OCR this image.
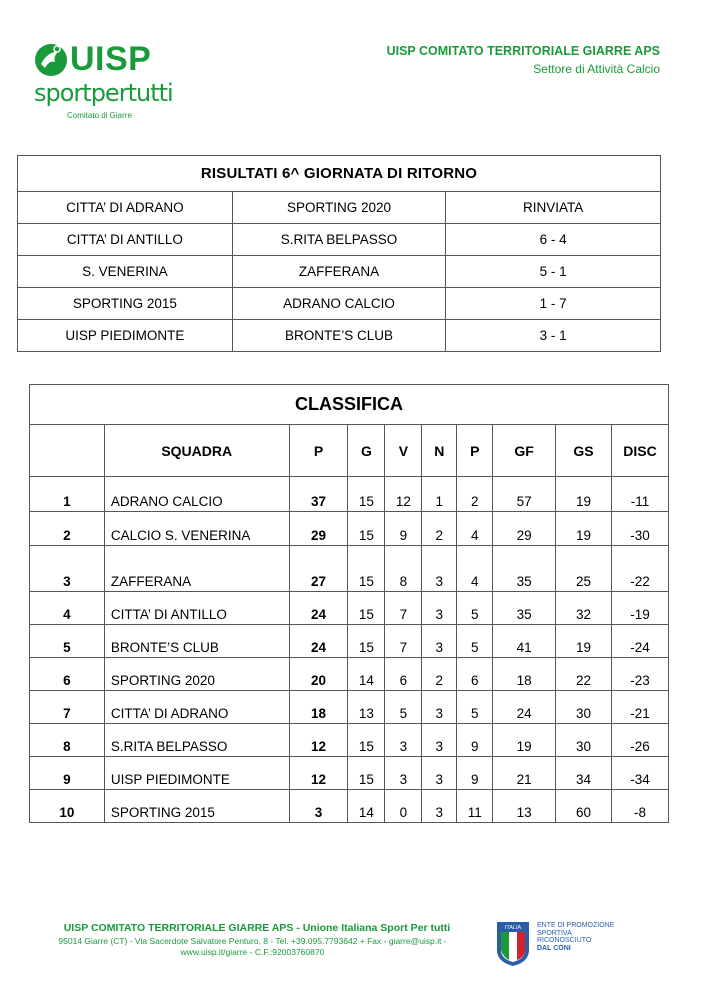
UISP
sportpertutti
Comitato di Giarre
UISP COMITATO TERRITORIALE GIARRE APS
Settore di Attività Calcio
RISULTATI 6^ GIORNATA DI RITORNO		
CITTA’ DI ADRANO	SPORTING 2020	RINVIATA
CITTA’ DI ANTILLO	S.RITA BELPASSO	6 - 4
S. VENERINA	ZAFFERANA	5 - 1
SPORTING 2015	ADRANO CALCIO	1 - 7
UISP PIEDIMONTE	BRONTE’S CLUB	3 - 1
CLASSIFICA									
	SQUADRA	P	G	V	N	P	GF	GS	DISC
1	ADRANO CALCIO	37	15	12	1	2	57	19	-11
2	CALCIO S. VENERINA	29	15	9	2	4	29	19	-30
3	ZAFFERANA	27	15	8	3	4	35	25	-22
4	CITTA’ DI ANTILLO	24	15	7	3	5	35	32	-19
5	BRONTE’S CLUB	24	15	7	3	5	41	19	-24
6	SPORTING 2020	20	14	6	2	6	18	22	-23
7	CITTA’ DI ADRANO	18	13	5	3	5	24	30	-21
8	S.RITA BELPASSO	12	15	3	3	9	19	30	-26
9	UISP PIEDIMONTE	12	15	3	3	9	21	34	-34
10	SPORTING 2015	3	14	0	3	11	13	60	-8
UISP COMITATO TERRITORIALE GIARRE APS - Unione Italiana Sport Per tutti
95014 Giarre (CT) - Via Sacerdote Salvatore Penturo, 8 - Tel. +39.095.7793642 + Fax - giarre@uisp.it - www.uisp.it/giarre - C.F.:92003760870
ITALIA ENTE DI PROMOZIONE
SPORTIVA
RICONOSCIUTO
DAL CONI
